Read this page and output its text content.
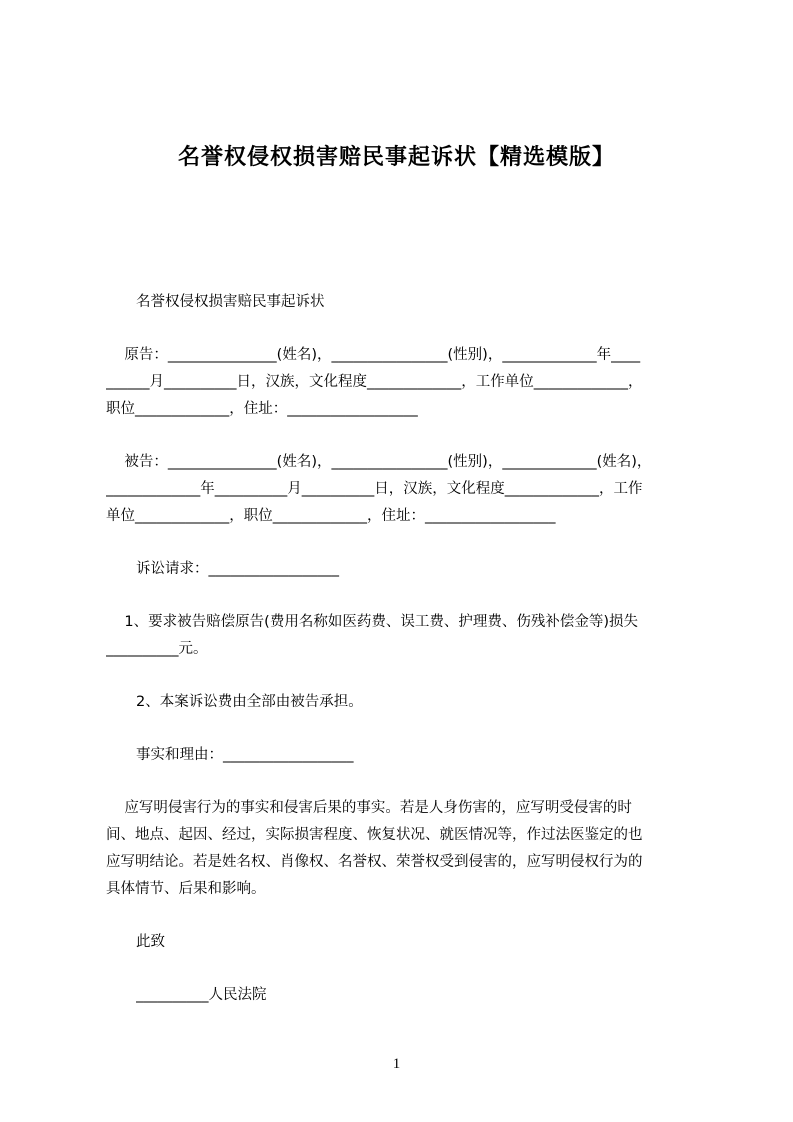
名誉权侵权损害赔民事起诉状【精选模版】
名誉权侵权损害赔民事起诉状
原告：_______________(姓名)，________________(性别)，_____________年____
______月__________日，汉族，文化程度_____________，工作单位_____________，
职位_____________，住址：__________________
被告：_______________(姓名)，________________(性别)，_____________(姓名)，
_____________年__________月__________日，汉族，文化程度_____________，工作
单位_____________，职位_____________，住址：__________________
诉讼请求：__________________
1、要求被告赔偿原告(费用名称如医药费、误工费、护理费、伤残补偿金等)损失
__________元。
2、本案诉讼费由全部由被告承担。
事实和理由：__________________
应写明侵害行为的事实和侵害后果的事实。若是人身伤害的，应写明受侵害的时
间、地点、起因、经过，实际损害程度、恢复状况、就医情况等，作过法医鉴定的也
应写明结论。若是姓名权、肖像权、名誉权、荣誉权受到侵害的，应写明侵权行为的
具体情节、后果和影响。
此致
__________人民法院
1
